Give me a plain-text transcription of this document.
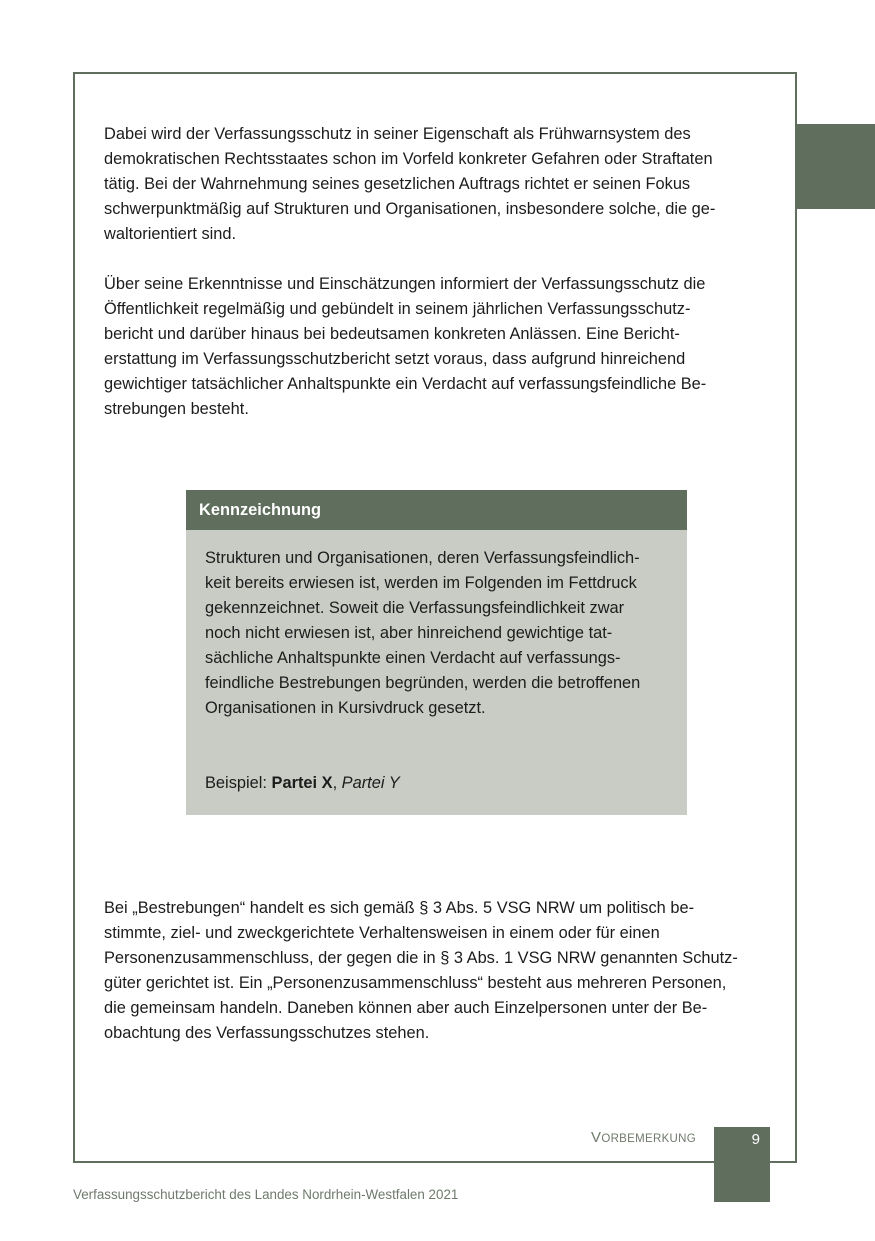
Dabei wird der Verfassungsschutz in seiner Eigenschaft als Frühwarnsystem des
demokratischen Rechtsstaates schon im Vorfeld konkreter Gefahren oder Straftaten
tätig. Bei der Wahrnehmung seines gesetzlichen Auftrags richtet er seinen Fokus
schwerpunktmäßig auf Strukturen und Organisationen, insbesondere solche, die ge-
waltorientiert sind.

Über seine Erkenntnisse und Einschätzungen informiert der Verfassungsschutz die
Öffentlichkeit regelmäßig und gebündelt in seinem jährlichen Verfassungsschutz-
bericht und darüber hinaus bei bedeutsamen konkreten Anlässen. Eine Bericht-
erstattung im Verfassungsschutzbericht setzt voraus, dass aufgrund hinreichend
gewichtiger tatsächlicher Anhaltspunkte ein Verdacht auf verfassungsfeindliche Be-
strebungen besteht.

Kennzeichnung

Strukturen und Organisationen, deren Verfassungsfeindlich-
keit bereits erwiesen ist, werden im Folgenden im Fettdruck
gekennzeichnet. Soweit die Verfassungsfeindlichkeit zwar
noch nicht erwiesen ist, aber hinreichend gewichtige tat-
sächliche Anhaltspunkte einen Verdacht auf verfassungs-
feindliche Bestrebungen begründen, werden die betroffenen
Organisationen in Kursivdruck gesetzt.

Beispiel: Partei X, Partei Y

Bei „Bestrebungen“ handelt es sich gemäß § 3 Abs. 5 VSG NRW um politisch be-
stimmte, ziel- und zweckgerichtete Verhaltensweisen in einem oder für einen
Personenzusammenschluss, der gegen die in § 3 Abs. 1 VSG NRW genannten Schutz-
güter gerichtet ist. Ein „Personenzusammenschluss“ besteht aus mehreren Personen,
die gemeinsam handeln. Daneben können aber auch Einzelpersonen unter der Be-
obachtung des Verfassungsschutzes stehen.

VORBEMERKUNG	9
Verfassungsschutzbericht des Landes Nordrhein-Westfalen 2021
